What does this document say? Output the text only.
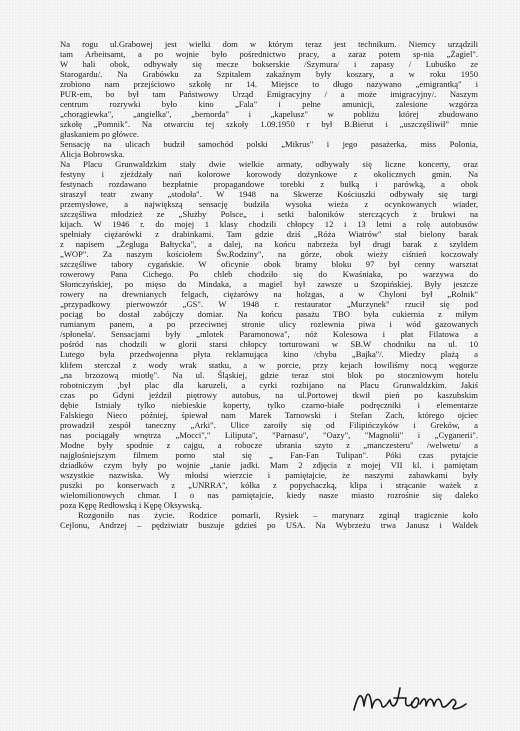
Na rogu ul.Grabowej jest wielki dom w którym teraz jest technikum. Niemcy urządzili
tam Arbeitsamt, a po wojnie było pośrednictwo pracy, a zaraz potem sp-nia „Żagiel".
W hali obok, odbywały się mecze bokserskie /Szymura/ i zapasy / Lubuśko ze
Starogardu/. Na Grabówku za Szpitalem zakaźnym były koszary, a w roku 1950
zrobiono nam przejściowo szkołę nr 14. Miejsce to długo nazywano „emigrantką" i
PUR-em, bo był tam Państwowy Urząd Emigracyjny / a może imigracyjny/. Naszym
centrum rozrywki było kino „Fala" i pełne amunicji, zalesione wzgórza
„chorągiewka", „angielka", „bernorda" i „kapelusz" w pobliżu której zbudowano
szkołę „Pomnik". Na otwarciu tej szkoły 1.09.1950 r był B.Bierut i „uszczęśliwił" mnie
głaskaniem po główce.
Sensację na ulicach budził samochód polski „Mikrus" i jego pasażerka, miss Polonia,
Alicja Bobrowska.
Na Placu Grunwaldzkim stały dwie wielkie armaty, odbywały się liczne koncerty, oraz
festyny i zjeżdżały nań kolorowe korowody dożynkowe z okolicznych gmin. Na
festynach rozdawano bezpłatnie propagandowe torebki z bułką i parówką, a obok
straszył teatr zwany „stodoła". W 1948 na Skwerze Kościuszki odbywały się targi
przemysłowe, a największą sensację budziła wysoka wieża z ocynkowanych wiader,
szczęśliwa młodzież ze „Służby Polsce„ i setki baloników sterczących z brukwi na
kijach. W 1946 r. do mojej 1 klasy chodzili chłopcy 12 i 13 letni a rolę autobusów
spełniały ciężarówki z drabinkami. Tam gdzie dziś „Róża Wiatrów" stał bielony barak
z napisem „Żegluga Bałtycka", a dalej, na końcu nabrzeża był drugi barak z szyldem
„WOP". Za naszym kościołem Św.Rodziny", na górze, obok wieży ciśnień koczowały
szczęśliwe tabory cygańskie. W oficynie obok bramy bloku 97 był cenny warsztat
rowerowy Pana Cichego. Po chleb chodziło się do Kwaśniaka, po warzywa do
Słomczyńskiej, po mięso do Mindaka, a magiel był zawsze u Szopińskiej. Były jeszcze
rowery na drewnianych felgach, ciężarówy na holzgas, a w Chyloni był „Rolnik"
„przypadkowy pierwowzór „GS". W 1948 r. restaurator „Murzynek" rzucił się pod
pociąg bo dostał zabójczy domiar. Na końcu pasażu TBO była cukiernia z miłym
rumianym panem, a po przeciwnej stronie ulicy rozlewnia piwa i wód gazowanych
/spłoneła/. Sensacjami były „mlotek Paramonowa", nóż Kolesowa i płat Filatowa a
pośród nas chodzili w glorii starsi chłopcy torturowani w SB.W chodniku na ul. 10
Lutego była przedwojenna płyta reklamująca kino /chyba „Bajka"/. Miedzy plażą a
klifem sterczał z wody wrak statku, a w porcie, przy kejach łowiliśmy nocą węgorze
„na brzozową miotłę". Na ul. Śląskiej, gdzie teraz stoi blok po stoczniowym hotelu
robotniczym ,był plac dla karuzeli, a cyrki rozbijano na Placu Grunwaldzkim. Jakiś
czas po Gdyni jeździł piętrowy autobus, na ul.Portowej tkwił pień po kaszubskim
dębie Istniały tylko niebieskie koperty, tylko czarno-białe podręczniki i elementarze
Falskiego Nieco później, śpiewał nam Marek Tarnowski i Stefan Zach, którego ojciec
prowadził zespół taneczny „Arki". Ulice zaroiły się od Filipińczyków i Greków, a
nas pociągały wnętrza „Mocci"," Liliputa", "Parnasu", "Oazy", "Magnolii" i „Cyganerii".
Modne były spodnie z cajgu, a robocze ubrania szyto z „manczesteru" /welwetu/ a
najgłośniejszym filmem porno stał się „ Fan-Fan Tulipan". Póki czas pytajcie
dziadków czym były po wojnie „tanie jadki. Mam 2 zdjęcia z mojej VII kl. i pamiętam
wszystkie nazwiska. Wy młodsi wierzcie i pamiętajcie, że naszymi zabawkami były
puszki po konserwach z „UNRRA", kółka z popychaczką, klipa i strącanie ważek z
wielomilionowych chmar. I o nas pamiętajcie, kiedy nasze miasto rozrośnie się daleko
poza Kępę Redłowską i Kępę Oksywską.
Rozgoniło nas życie. Rodzice pomarli, Rysiek – marynarz zginął tragicznie koło
Cejlonu, Andrzej – pędziwiatr buszuje gdzieś po USA. Na Wybrzeżu trwa Janusz i Waldek
